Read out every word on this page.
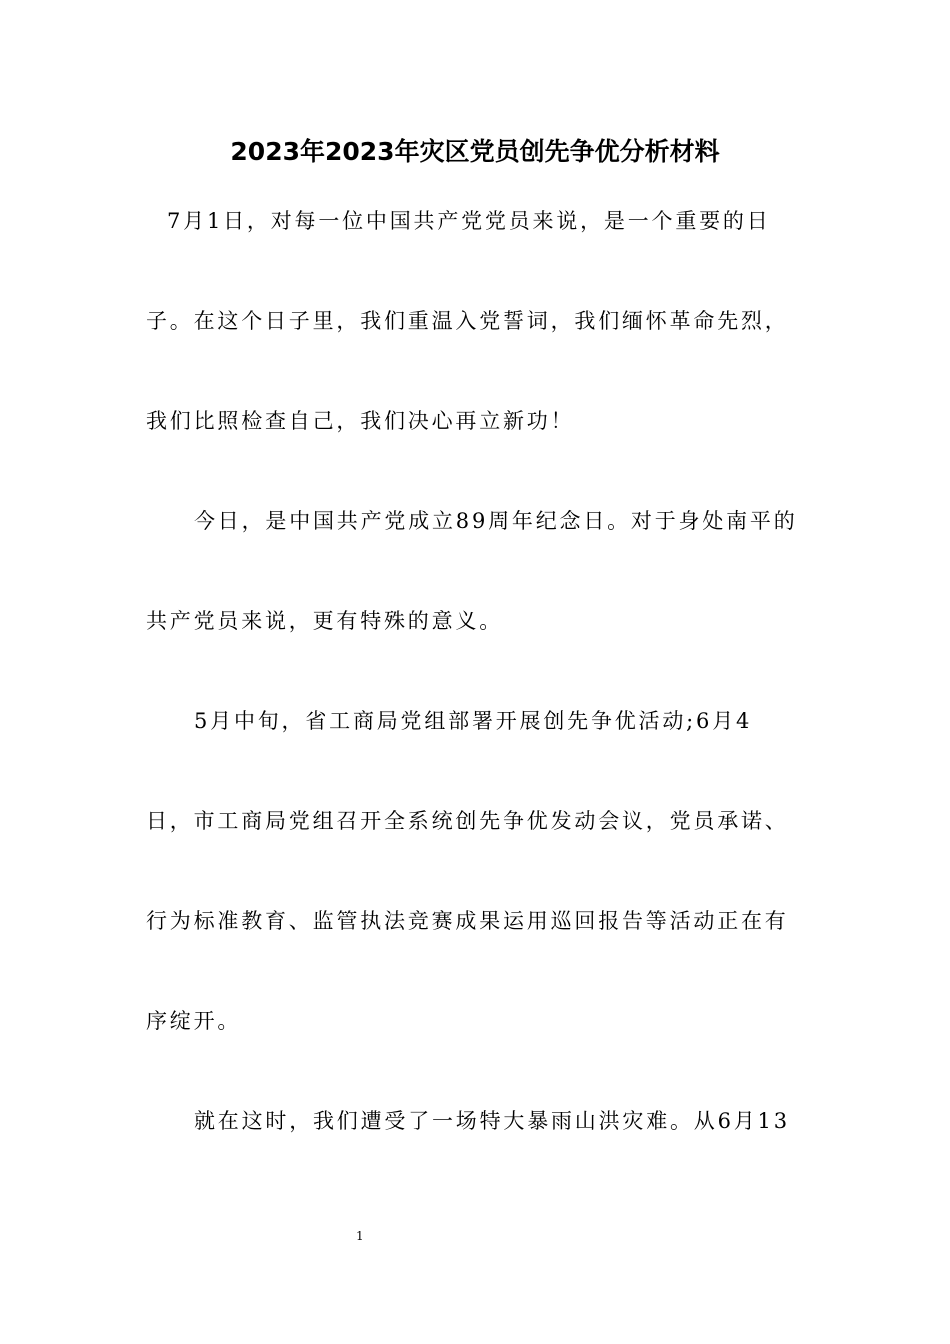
2023年2023年灾区党员创先争优分析材料

7月1日，对每一位中国共产党党员来说，是一个重要的日

子。在这个日子里，我们重温入党誓词，我们缅怀革命先烈，

我们比照检查自己，我们决心再立新功！

今日，是中国共产党成立89周年纪念日。对于身处南平的

共产党员来说，更有特殊的意义。

5月中旬，省工商局党组部署开展创先争优活动;6月4

日，市工商局党组召开全系统创先争优发动会议，党员承诺、

行为标准教育、监管执法竞赛成果运用巡回报告等活动正在有

序绽开。

就在这时，我们遭受了一场特大暴雨山洪灾难。从6月13

1
